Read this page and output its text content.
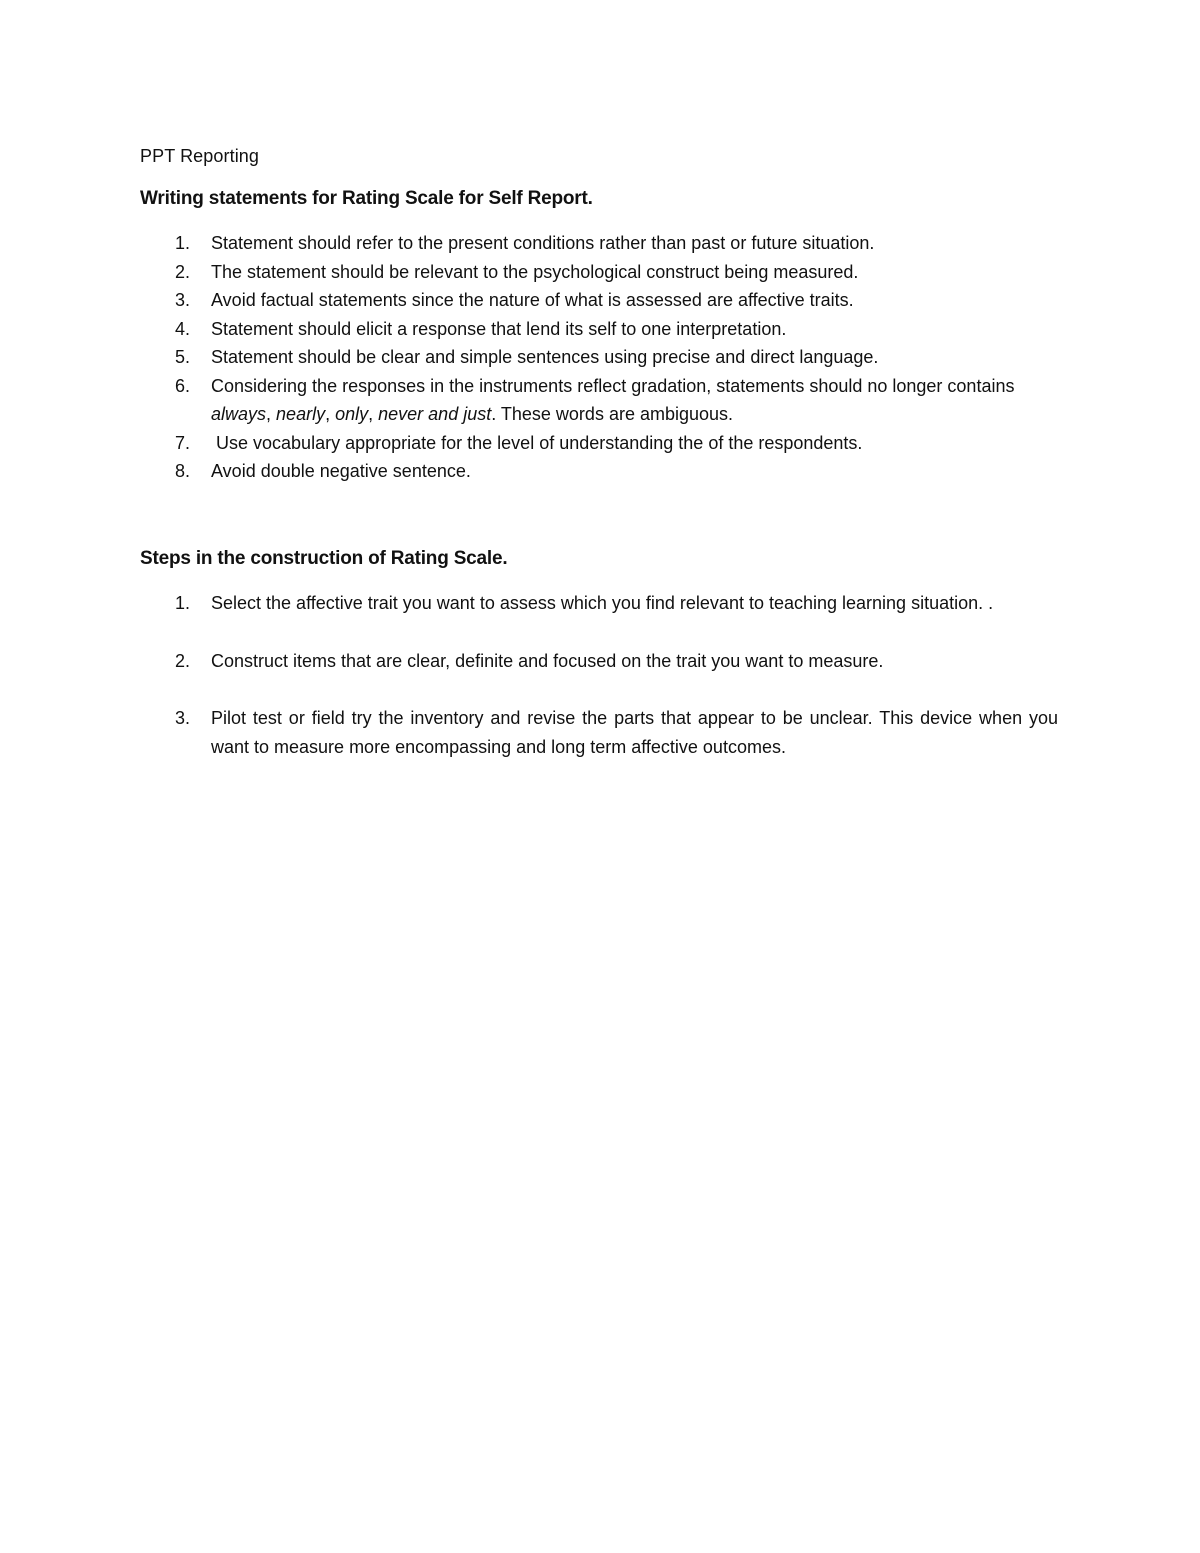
PPT Reporting
Writing statements for Rating Scale for Self Report.
1.	Statement should refer to the present conditions rather than past or future situation.
2.	The statement should be relevant to the psychological construct being measured.
3.	Avoid factual statements since the nature of what is assessed are affective traits.
4.	Statement should elicit a response that lend its self to one interpretation.
5.	Statement should be clear and simple sentences using precise and direct language.
6.	Considering the responses in the instruments reflect gradation, statements should no longer contains always, nearly, only, never and just. These words are ambiguous.
7.	Use vocabulary appropriate for the level of understanding the of the respondents.
8.	Avoid double negative sentence.
Steps in the construction of Rating Scale.
1.	Select the affective trait you want to assess which you find relevant to teaching learning situation. .
2.	Construct items that are clear, definite and focused on the trait you want to measure.
3.	Pilot test or field try the inventory and revise the parts that appear to be unclear. This device when you want to measure more encompassing and long term affective outcomes.
